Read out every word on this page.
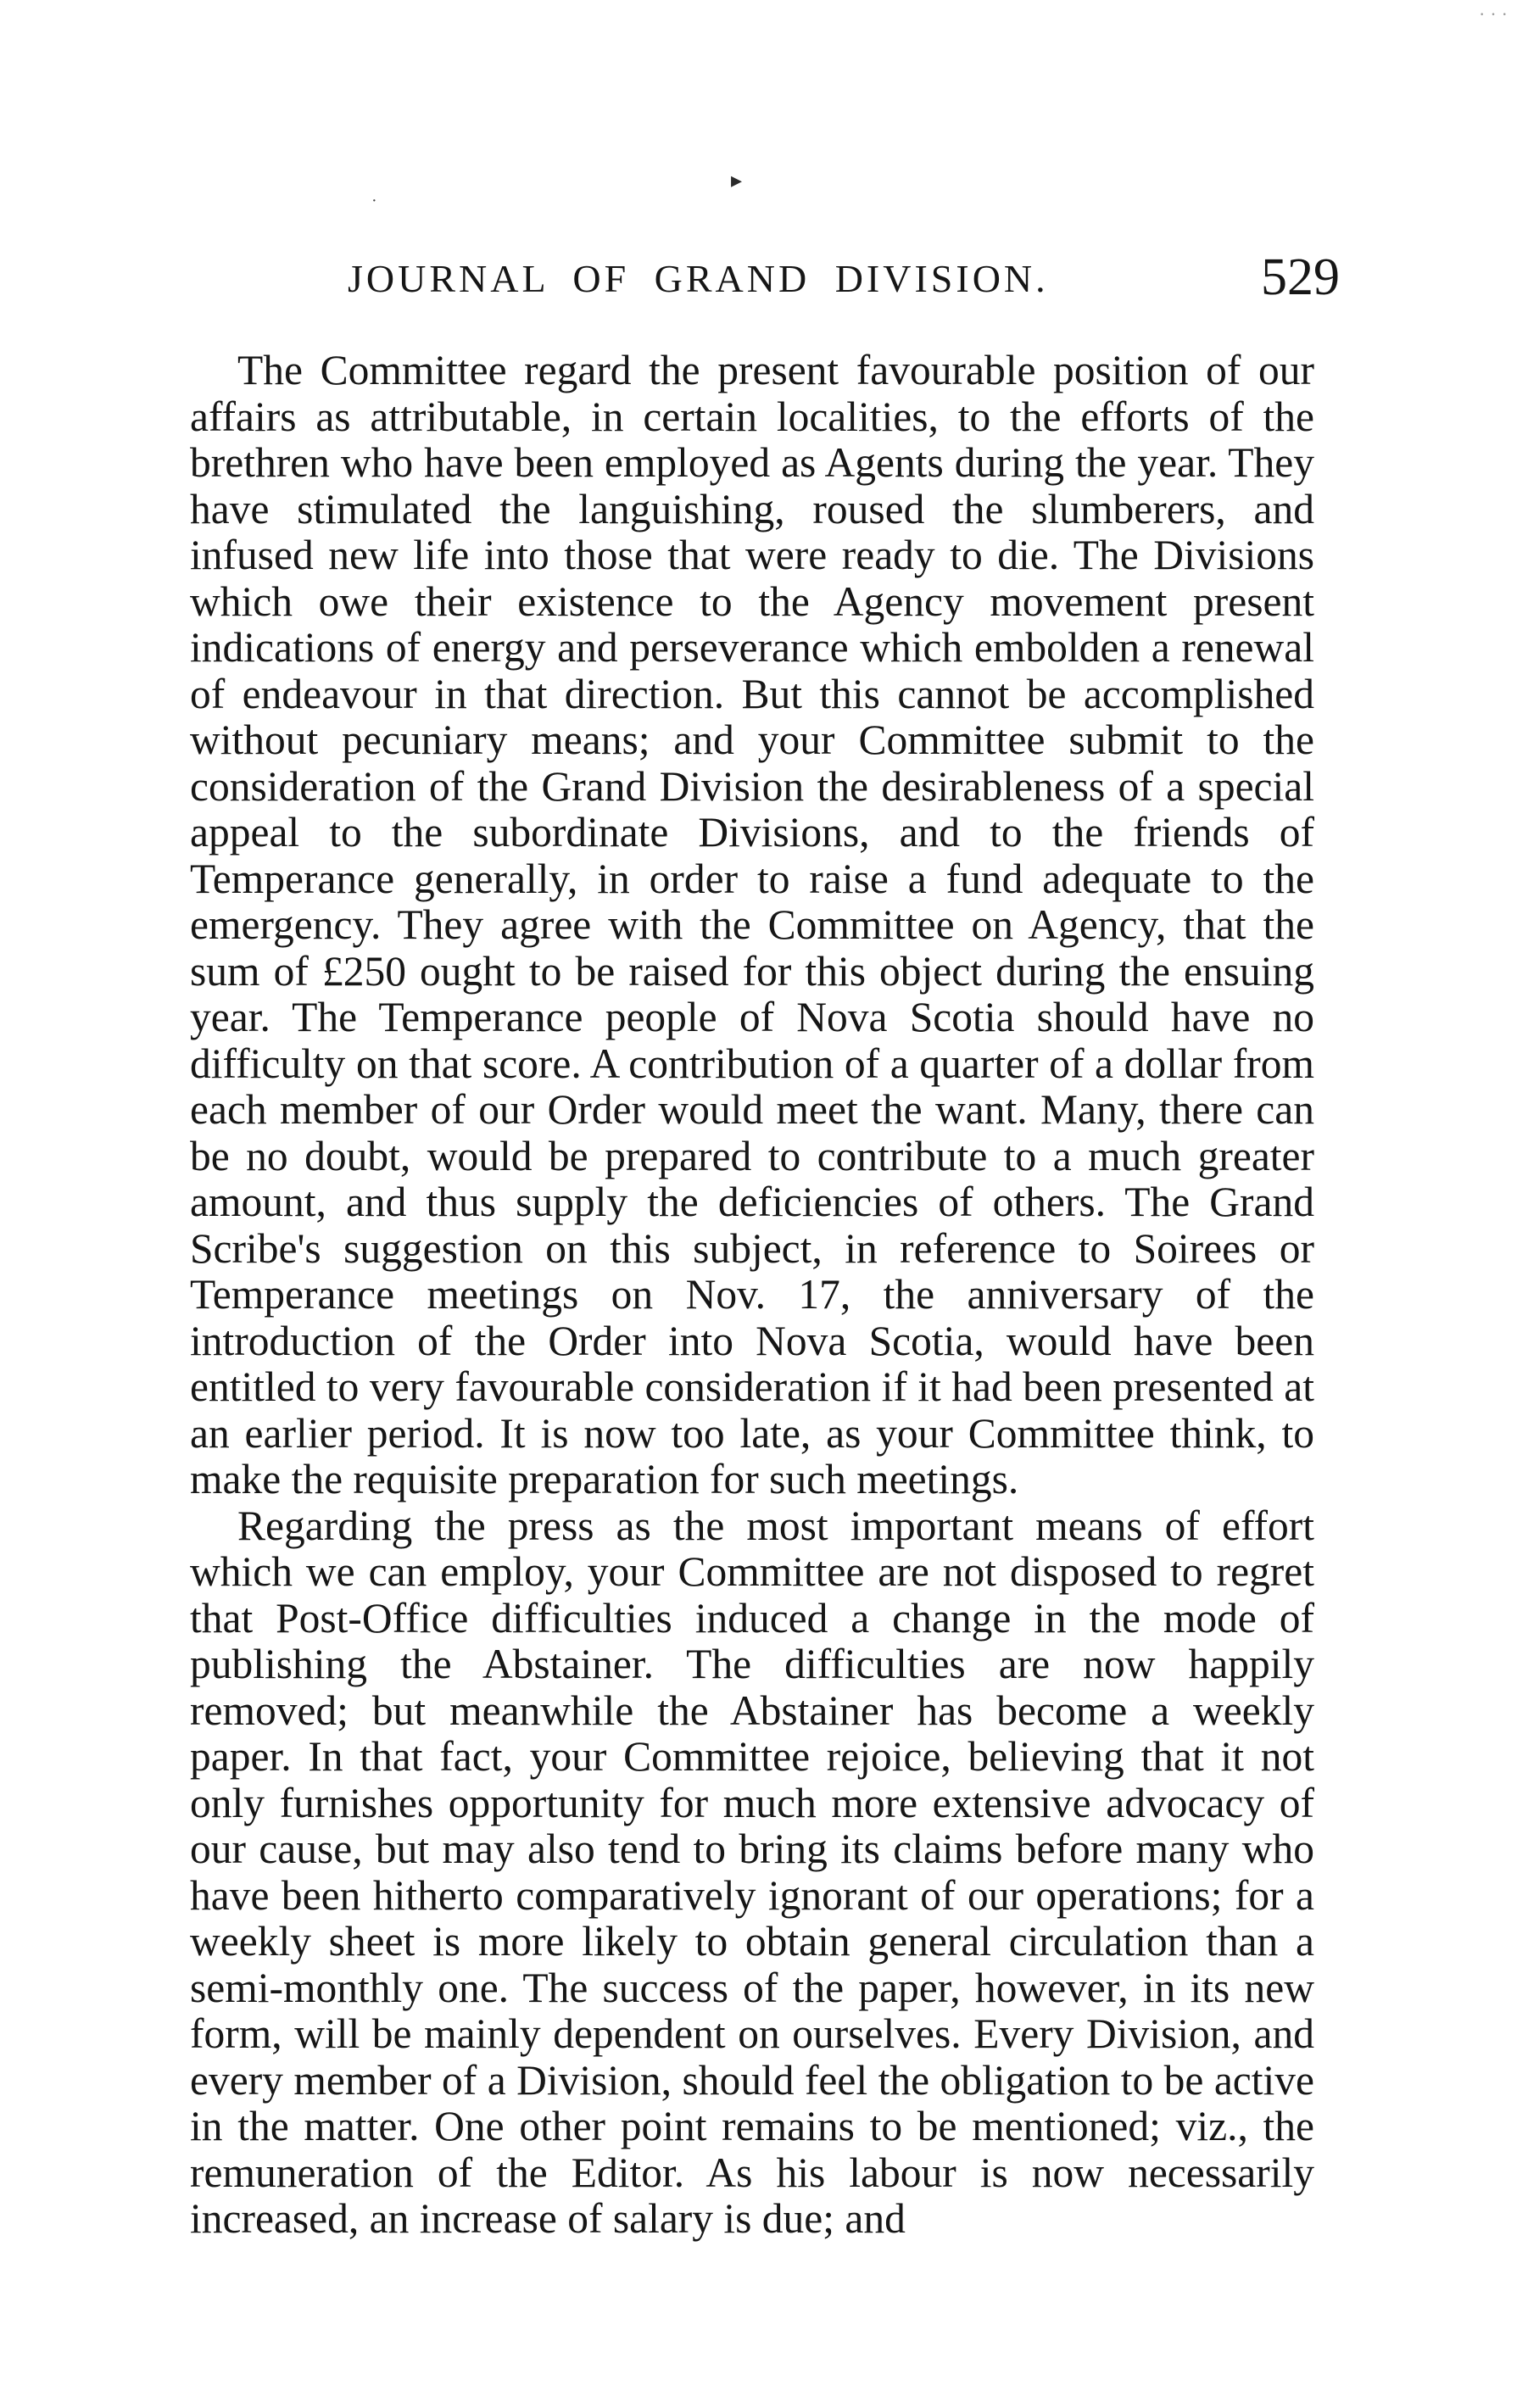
···
▸
·
JOURNAL OF GRAND DIVISION.	529

The Committee regard the present favourable position of our affairs as attributable, in certain localities, to the efforts of the brethren who have been employed as Agents during the year. They have stimulated the languishing, roused the slumberers, and infused new life into those that were ready to die. The Divisions which owe their existence to the Agency movement present indications of energy and perseverance which embolden a renewal of endeavour in that direction. But this cannot be accomplished without pecuniary means; and your Committee submit to the consideration of the Grand Division the desirableness of a special appeal to the subordinate Divisions, and to the friends of Temperance generally, in order to raise a fund adequate to the emergency. They agree with the Committee on Agency, that the sum of £250 ought to be raised for this object during the ensuing year. The Temperance people of Nova Scotia should have no difficulty on that score. A contribution of a quarter of a dollar from each member of our Order would meet the want. Many, there can be no doubt, would be prepared to contribute to a much greater amount, and thus supply the deficiencies of others. The Grand Scribe's suggestion on this subject, in reference to Soirees or Temperance meetings on Nov. 17, the anniversary of the introduction of the Order into Nova Scotia, would have been entitled to very favourable consideration if it had been presented at an earlier period. It is now too late, as your Committee think, to make the requisite preparation for such meetings.

Regarding the press as the most important means of effort which we can employ, your Committee are not disposed to regret that Post-Office difficulties induced a change in the mode of publishing the Abstainer. The difficulties are now happily removed; but meanwhile the Abstainer has become a weekly paper. In that fact, your Committee rejoice, believing that it not only furnishes opportunity for much more extensive advocacy of our cause, but may also tend to bring its claims before many who have been hitherto comparatively ignorant of our operations; for a weekly sheet is more likely to obtain general circulation than a semi-monthly one. The success of the paper, however, in its new form, will be mainly dependent on ourselves. Every Division, and every member of a Division, should feel the obligation to be active in the matter. One other point remains to be mentioned; viz., the remuneration of the Editor. As his labour is now necessarily increased, an increase of salary is due; and
